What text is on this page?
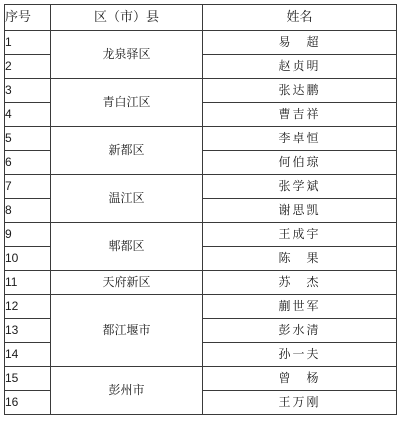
序号	区（市）县	姓名
1	龙泉驿区	易　超
2		赵贞明
3	青白江区	张达鹏
4		曹吉祥
5	新都区	李卓恒
6		何伯琼
7	温江区	张学斌
8		谢思凯
9	郫都区	王成宇
10		陈　果
11	天府新区	苏　杰
12	都江堰市	蒯世军
13		彭水清
14		孙一夫
15	彭州市	曾　杨
16		王万刚
